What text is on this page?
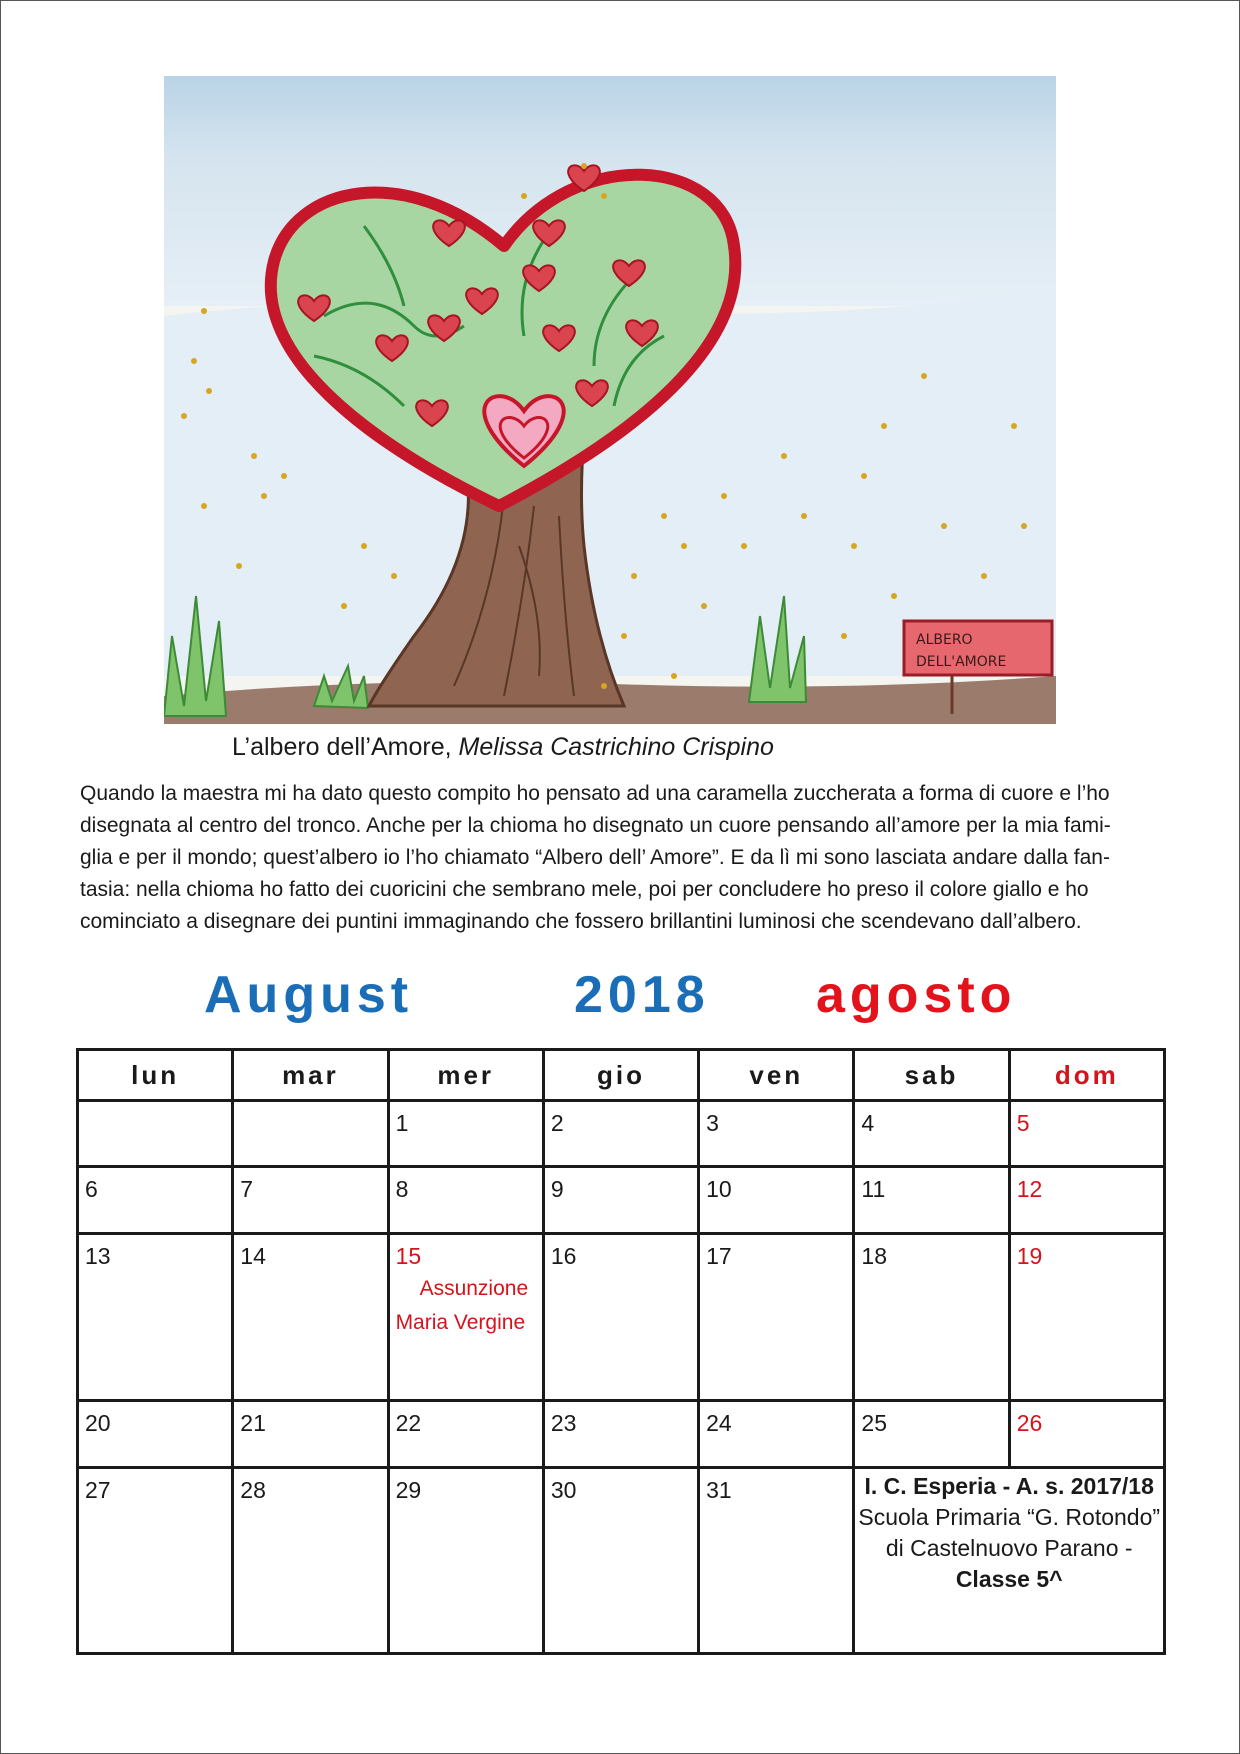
ALBERO
DELL'AMORE
L’albero dell’Amore, Melissa Castrichino Crispino
Quando la maestra mi ha dato questo compito ho pensato ad una caramella zuccherata a forma di cuore e l’ho
disegnata al centro del tronco. Anche per la chioma ho disegnato un cuore pensando all’amore per la mia fami-
glia e per il mondo; quest’albero io l’ho chiamato “Albero dell’ Amore”. E da lì mi sono lasciata andare dalla fan-
tasia: nella chioma ho fatto dei cuoricini che sembrano mele, poi per concludere ho preso il colore giallo e ho
cominciato a disegnare dei puntini immaginando che fossero brillantini luminosi che scendevano dall’albero.
August	2018 agosto
lun	mar	mer	gio	ven	sab	dom
		1	2	3	4	5
6	7	8	9	10	11	12
13	14	15
Assunzione
Maria Vergine	16	17	18	19
20	21	22	23	24	25	26
27	28	29	30	31	I. C. Esperia - A. s. 2017/18
Scuola Primaria “G. Rotondo”
di Castelnuovo Parano -Classe 5^	
